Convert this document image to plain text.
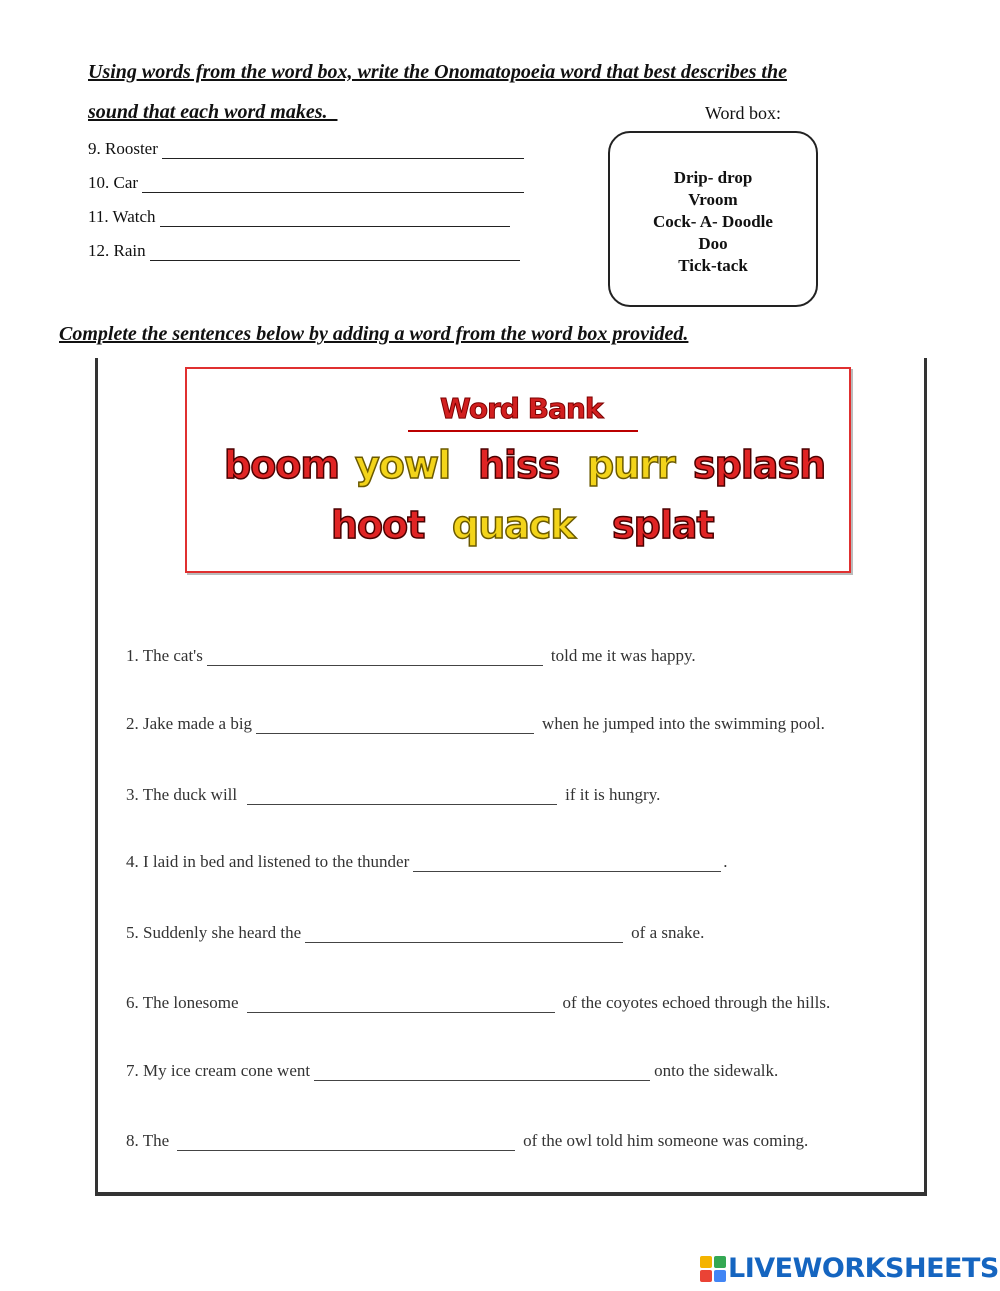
Using words from the word box, write the Onomatopoeia word that best describes the
sound that each word makes._	Word box:
9. Rooster
10. Car
11. Watch
12. Rain
Drip- drop
Vroom
Cock- A- Doodle
Doo
Tick-tack
Complete the sentences below by adding a word from the word box provided.
Word Bank
boom yowl hiss purr splash
hoot quack splat
1. The cat's	told me it was happy.
2. Jake made a big	when he jumped into the swimming pool.
3. The duck will	if it is hungry.
4. I laid in bed and listened to the thunder	.
5. Suddenly she heard the	of a snake.
6. The lonesome	of the coyotes echoed through the hills.
7. My ice cream cone went	onto the sidewalk.
8. The	of the owl told him someone was coming.
LIVEWORKSHEETS
